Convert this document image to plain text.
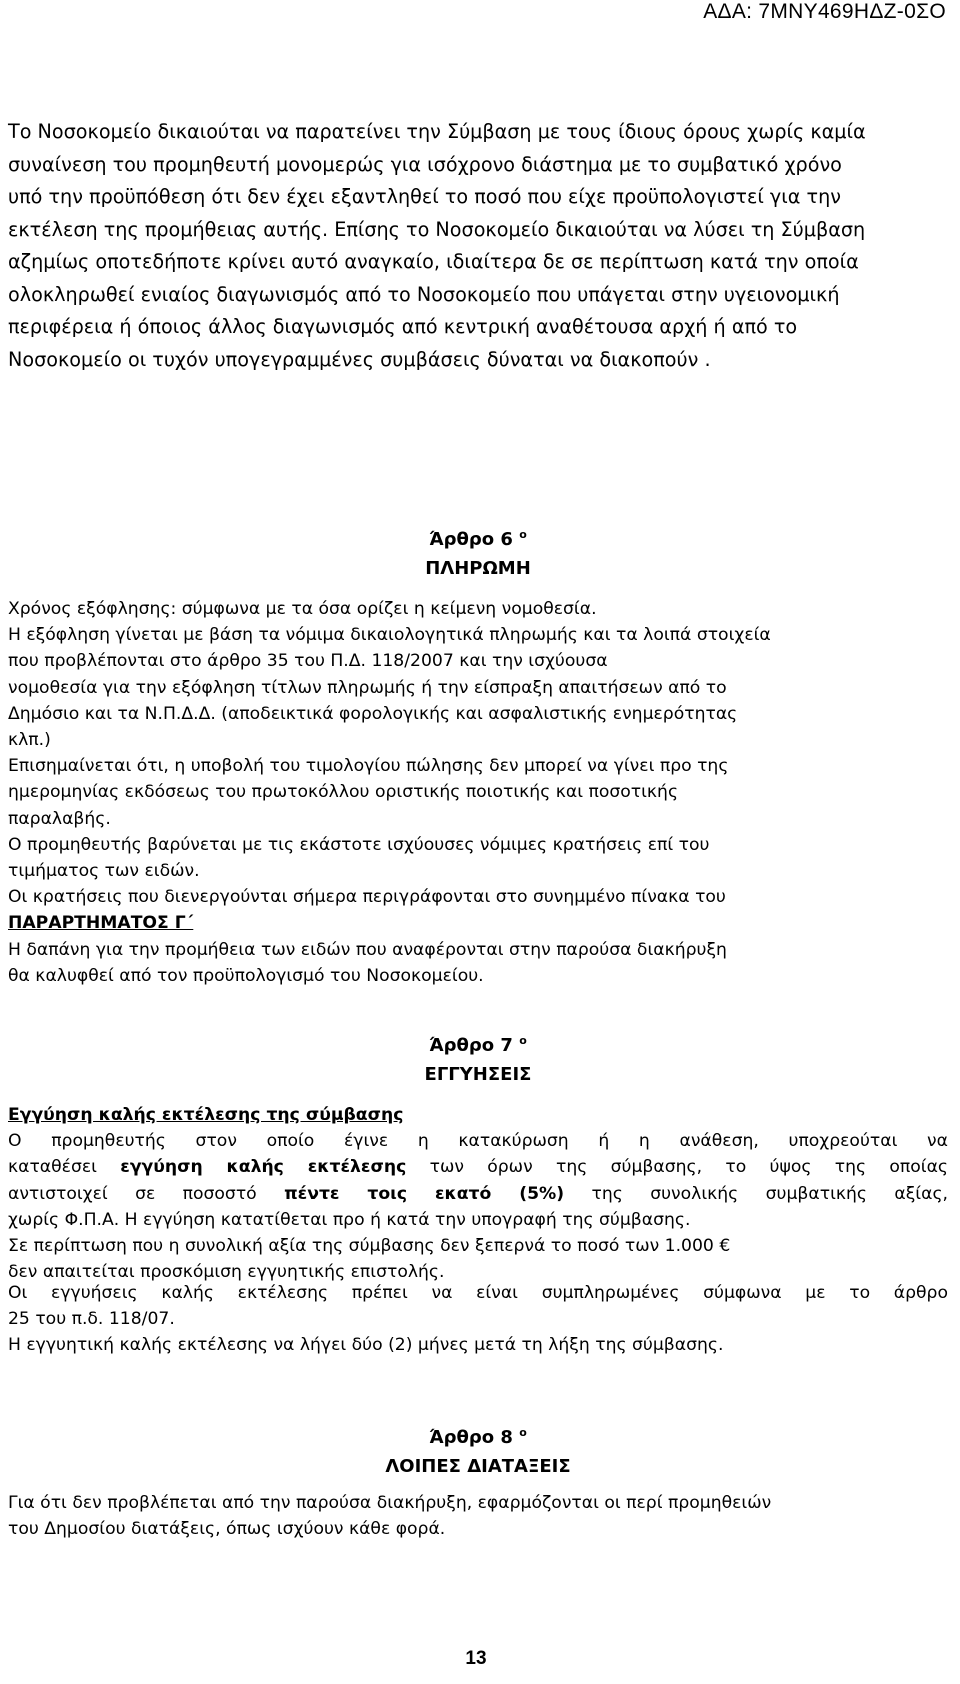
ΑΔΑ: 7ΜΝΥ469ΗΔΖ-0ΣΟ
Το Νοσοκομείο δικαιούται να παρατείνει την Σύμβαση με τους ίδιους όρους χωρίς καμία
συναίνεση του προμηθευτή μονομερώς για ισόχρονο διάστημα με το συμβατικό χρόνο
υπό την προϋπόθεση ότι δεν έχει εξαντληθεί το ποσό που είχε προϋπολογιστεί για την
εκτέλεση της προμήθειας αυτής. Επίσης το Νοσοκομείο δικαιούται να λύσει τη Σύμβαση
αζημίως οποτεδήποτε κρίνει αυτό αναγκαίο, ιδιαίτερα δε σε περίπτωση κατά την οποία
ολοκληρωθεί ενιαίος διαγωνισμός από το Νοσοκομείο που υπάγεται στην υγειονομική
περιφέρεια ή όποιος άλλος διαγωνισμός από κεντρική αναθέτουσα αρχή ή από το
Νοσοκομείο οι τυχόν υπογεγραμμένες συμβάσεις δύναται να διακοπούν .
Άρθρο 6 $^o$
ΠΛΗΡΩΜΗ
Χρόνος εξόφλησης: σύμφωνα με τα όσα ορίζει η κείμενη νομοθεσία.
Η εξόφληση γίνεται με βάση τα νόμιμα δικαιολογητικά πληρωμής και τα λοιπά στοιχεία
που προβλέπονται στο άρθρο 35 του Π.Δ. 118/2007 και την ισχύουσα
νομοθεσία για την εξόφληση τίτλων πληρωμής ή την είσπραξη απαιτήσεων από το
Δημόσιο και τα Ν.Π.Δ.Δ. (αποδεικτικά φορολογικής και ασφαλιστικής ενημερότητας
κλπ.)
Επισημαίνεται ότι, η υποβολή του τιμολογίου πώλησης δεν μπορεί να γίνει προ της
ημερομηνίας εκδόσεως του πρωτοκόλλου οριστικής ποιοτικής και ποσοτικής
παραλαβής.
Ο προμηθευτής βαρύνεται με τις εκάστοτε ισχύουσες νόμιμες κρατήσεις επί του
τιμήματος των ειδών.
Οι κρατήσεις που διενεργούνται σήμερα περιγράφονται στο συνημμένο πίνακα του
ΠΑΡΑΡΤΗΜΑΤΟΣ Γ΄
Η δαπάνη για την προμήθεια των ειδών που αναφέρονται στην παρούσα διακήρυξη
θα καλυφθεί από τον προϋπολογισμό του Νοσοκομείου.
Άρθρο 7 $^o$
ΕΓΓΥΗΣΕΙΣ
Εγγύηση καλής εκτέλεσης της σύμβασης
Ο προμηθευτής στον οποίο έγινε η κατακύρωση ή η ανάθεση, υποχρεούται να
καταθέσει εγγύηση καλής εκτέλεσης των όρων της σύμβασης, το ύψος της οποίας
αντιστοιχεί σε ποσοστό πέντε τοις εκατό (5%) της συνολικής συμβατικής αξίας,
χωρίς Φ.Π.Α. Η εγγύηση κατατίθεται προ ή κατά την υπογραφή της σύμβασης.
Σε περίπτωση που η συνολική αξία της σύμβασης δεν ξεπερνά το ποσό των 1.000 €
δεν απαιτείται προσκόμιση εγγυητικής επιστολής.
Οι εγγυήσεις καλής εκτέλεσης πρέπει να είναι συμπληρωμένες σύμφωνα με το άρθρο
25 του π.δ. 118/07.
Η εγγυητική καλής εκτέλεσης να λήγει δύο (2) μήνες μετά τη λήξη της σύμβασης.
Άρθρο 8 $^o$
ΛΟΙΠΕΣ ΔΙΑΤΑΞΕΙΣ
Για ότι δεν προβλέπεται από την παρούσα διακήρυξη, εφαρμόζονται οι περί προμηθειών
του Δημοσίου διατάξεις, όπως ισχύουν κάθε φορά.
13
